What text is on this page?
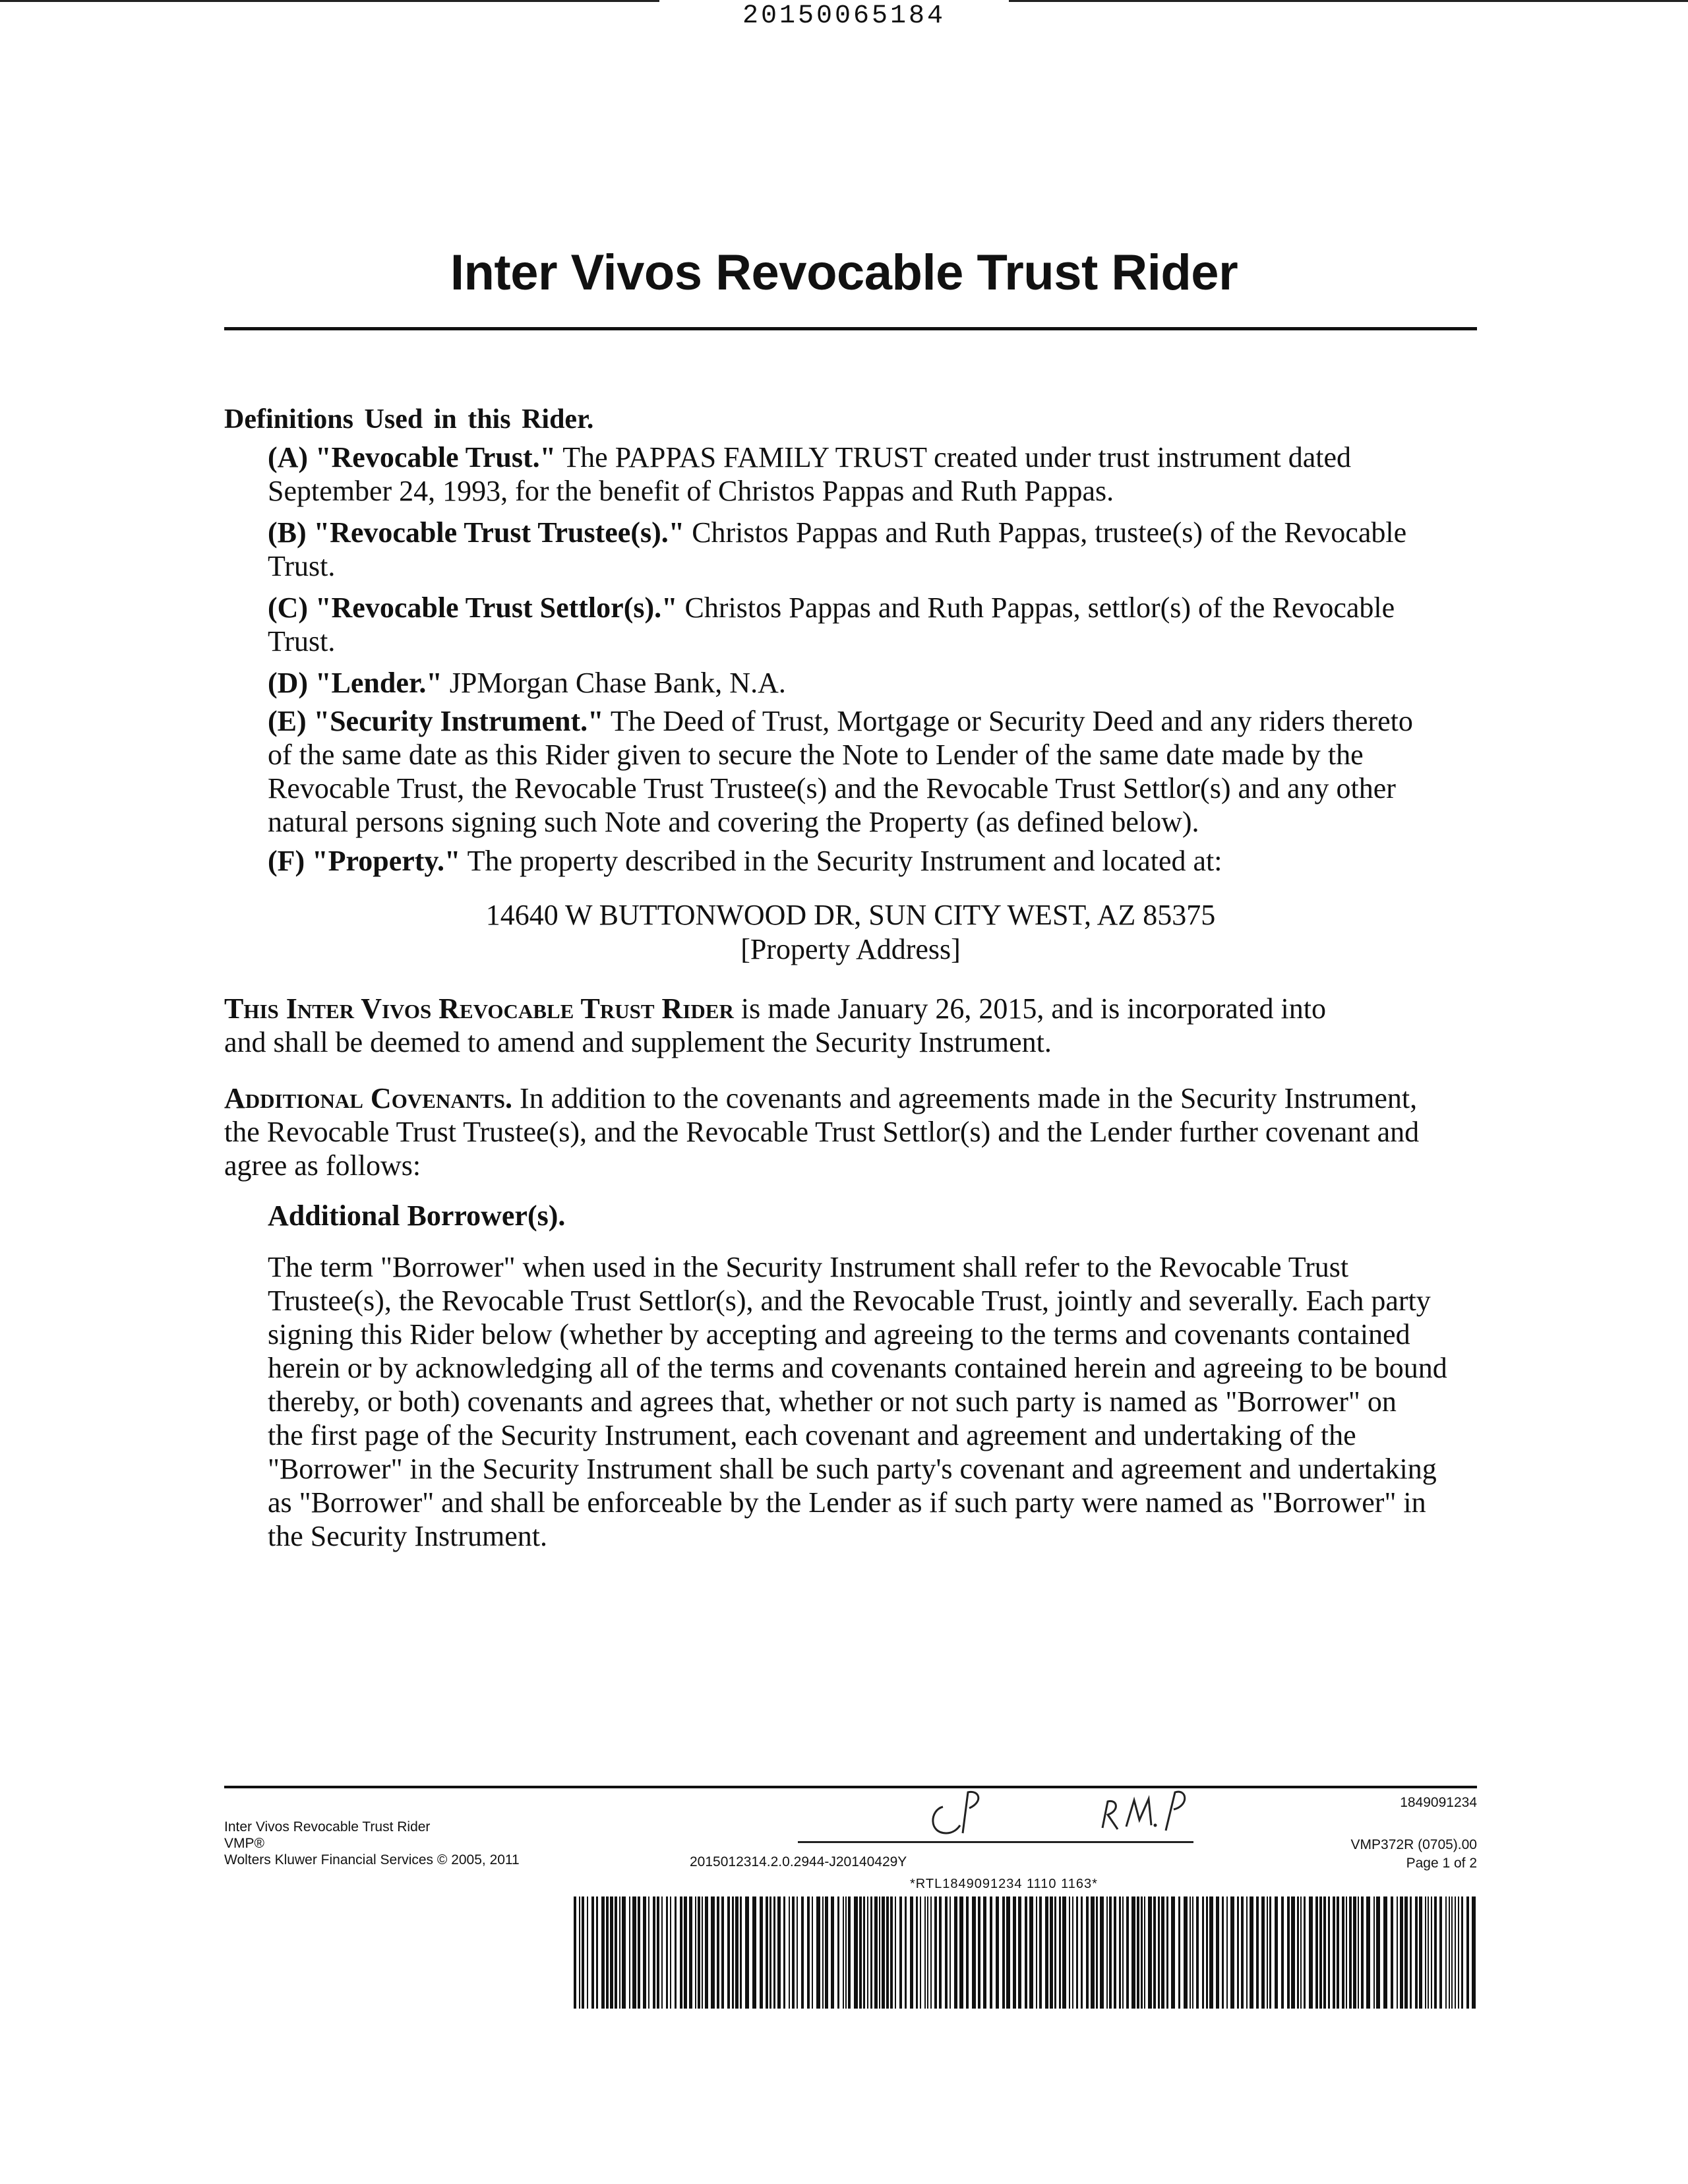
20150065184
Inter Vivos Revocable Trust Rider
Definitions Used in this Rider.
(A) "Revocable Trust." The PAPPAS FAMILY TRUST created under trust instrument dated
September 24, 1993, for the benefit of Christos Pappas and Ruth Pappas.
(B) "Revocable Trust Trustee(s)." Christos Pappas and Ruth Pappas, trustee(s) of the Revocable
Trust.
(C) "Revocable Trust Settlor(s)." Christos Pappas and Ruth Pappas, settlor(s) of the Revocable
Trust.
(D) "Lender." JPMorgan Chase Bank, N.A.
(E) "Security Instrument." The Deed of Trust, Mortgage or Security Deed and any riders thereto
of the same date as this Rider given to secure the Note to Lender of the same date made by the
Revocable Trust, the Revocable Trust Trustee(s) and the Revocable Trust Settlor(s) and any other
natural persons signing such Note and covering the Property (as defined below).
(F) "Property." The property described in the Security Instrument and located at:
14640 W BUTTONWOOD DR, SUN CITY WEST, AZ 85375
[Property Address]
This Inter Vivos Revocable Trust Rider is made January 26, 2015, and is incorporated into
and shall be deemed to amend and supplement the Security Instrument.
Additional Covenants. In addition to the covenants and agreements made in the Security Instrument,
the Revocable Trust Trustee(s), and the Revocable Trust Settlor(s) and the Lender further covenant and
agree as follows:
Additional Borrower(s).
The term "Borrower" when used in the Security Instrument shall refer to the Revocable Trust
Trustee(s), the Revocable Trust Settlor(s), and the Revocable Trust, jointly and severally. Each party
signing this Rider below (whether by accepting and agreeing to the terms and covenants contained
herein or by acknowledging all of the terms and covenants contained herein and agreeing to be bound
thereby, or both) covenants and agrees that, whether or not such party is named as "Borrower" on
the first page of the Security Instrument, each covenant and agreement and undertaking of the
"Borrower" in the Security Instrument shall be such party's covenant and agreement and undertaking
as "Borrower" and shall be enforceable by the Lender as if such party were named as "Borrower" in
the Security Instrument.
1849091234
Inter Vivos Revocable Trust Rider
VMP®
Wolters Kluwer Financial Services © 2005, 2011
VMP372R (0705).00
Page 1 of 2
2015012314.2.0.2944-J20140429Y
*RTL1849091234 1110 1163*
